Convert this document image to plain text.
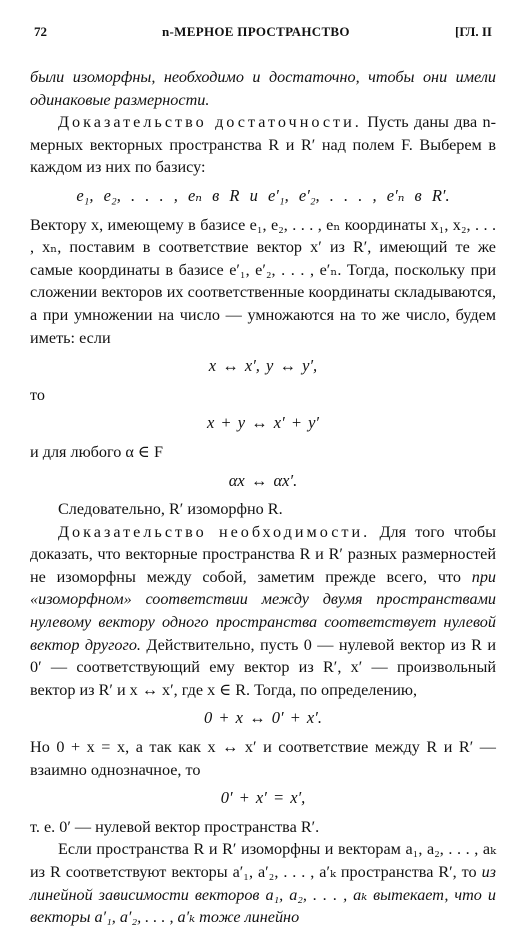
72	n-МЕРНОЕ ПРОСТРАНСТВО	[ГЛ. II

были изоморфны, необходимо и достаточно, чтобы они имели одинаковые размерности.

Доказательство достаточности. Пусть даны два n-мерных векторных пространства R и R′ над полем F. Выберем в каждом из них по базису:

e₁, e₂, . . . , eₙ в R и e′₁, e′₂, . . . , e′ₙ в R′.

Вектору x, имеющему в базисе e₁, e₂, . . . , eₙ координаты x₁, x₂, . . . , xₙ, поставим в соответствие вектор x′ из R′, имеющий те же самые координаты в базисе e′₁, e′₂, . . . , e′ₙ. Тогда, поскольку при сложении векторов их соответственные координаты складываются, а при умножении на число — умножаются на то же число, будем иметь: если

x ↔ x′, y ↔ y′,

то

x + y ↔ x′ + y′

и для любого α ∈ F

αx ↔ αx′.

Следовательно, R′ изоморфно R.

Доказательство необходимости. Для того чтобы доказать, что векторные пространства R и R′ разных размерностей не изоморфны между собой, заметим прежде всего, что при «изоморфном» соответствии между двумя пространствами нулевому вектору одного пространства соответствует нулевой вектор другого. Действительно, пусть 0 — нулевой вектор из R и 0′ — соответствующий ему вектор из R′, x′ — произвольный вектор из R′ и x ↔ x′, где x ∈ R. Тогда, по определению,

0 + x ↔ 0′ + x′.

Но 0 + x = x, а так как x ↔ x′ и соответствие между R и R′ — взаимно однозначное, то

0′ + x′ = x′,

т. е. 0′ — нулевой вектор пространства R′.

Если пространства R и R′ изоморфны и векторам a₁, a₂, . . . , aₖ из R соответствуют векторы a′₁, a′₂, . . . , a′ₖ пространства R′, то из линейной зависимости векторов a₁, a₂, . . . , aₖ вытекает, что и векторы a′₁, a′₂, . . . , a′ₖ тоже линейно
